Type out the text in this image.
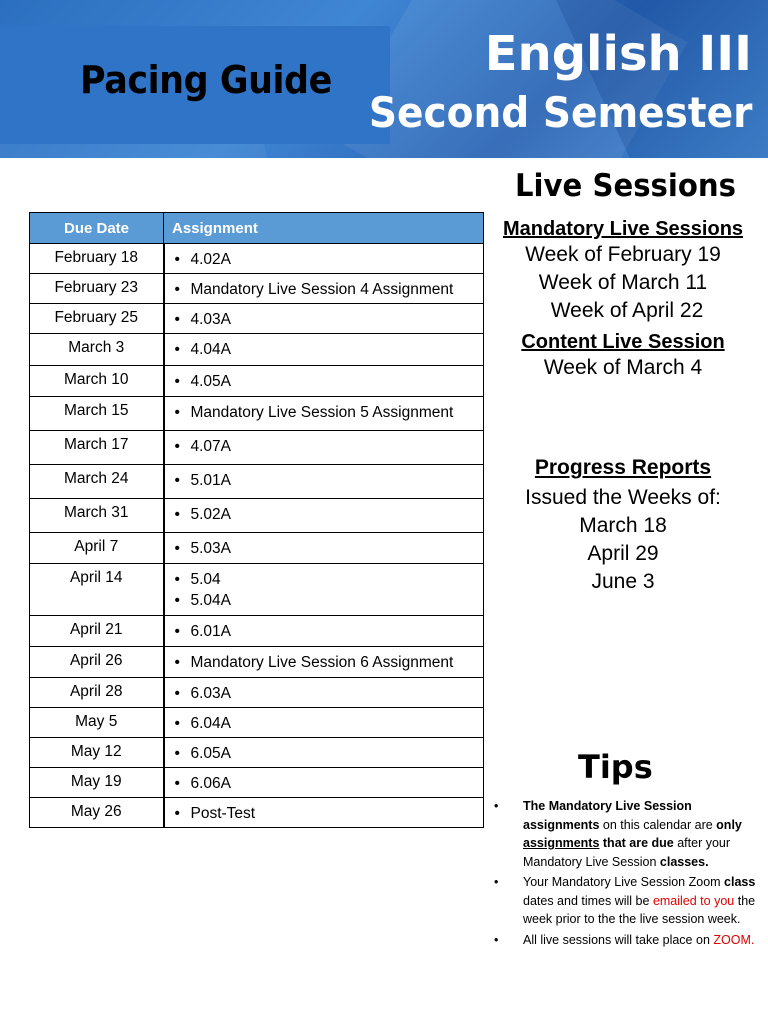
Pacing Guide	English III
Second Semester
Due Date	Assignment
February 18	• 4.02A

February 23	• Mandatory Live Session 4 Assignment

February 25	• 4.03A

March 3	• 4.04A

March 10	• 4.05A

March 15	• Mandatory Live Session 5 Assignment

March 17	• 4.07A

March 24	• 5.01A

March 31	• 5.02A

April 7	• 5.03A

April 14	• 5.04
• 5.04A

April 21	• 6.01A

April 26	• Mandatory Live Session 6 Assignment

April 28	• 6.03A

May 5	• 6.04A

May 12	• 6.05A

May 19	• 6.06A

May 26	• Post-Test
Live Sessions
Mandatory Live Sessions
Week of February 19
Week of March 11
Week of April 22
Content Live Session
Week of March 4
Progress Reports
Issued the Weeks of:
March 18
April 29
June 3
Tips
• The Mandatory Live Session assignments on this calendar are only assignments that are due after your Mandatory Live Session classes.
• Your Mandatory Live Session Zoom class dates and times will be emailed to you the week prior to the the live session week.
• All live sessions will take place on ZOOM.
